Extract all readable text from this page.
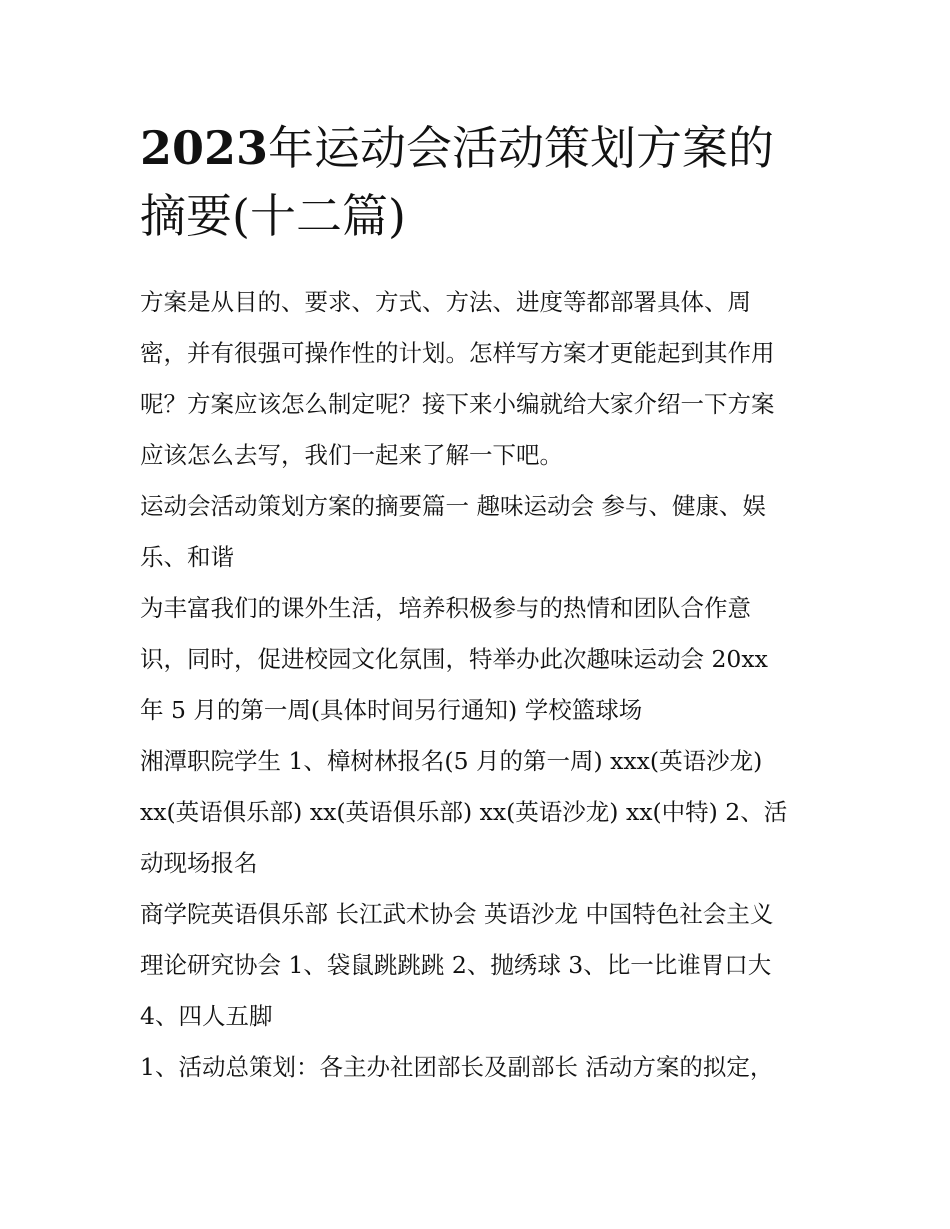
2023年运动会活动策划方案的
摘要(十二篇)
方案是从目的、要求、方式、方法、进度等都部署具体、周
密，并有很强可操作性的计划。怎样写方案才更能起到其作用
呢？方案应该怎么制定呢？接下来小编就给大家介绍一下方案
应该怎么去写，我们一起来了解一下吧。
运动会活动策划方案的摘要篇一 趣味运动会 参与、健康、娱
乐、和谐
为丰富我们的课外生活，培养积极参与的热情和团队合作意
识，同时，促进校园文化氛围，特举办此次趣味运动会 20xx
年 5 月的第一周(具体时间另行通知) 学校篮球场
湘潭职院学生 1、樟树林报名(5 月的第一周) xxx(英语沙龙)
xx(英语俱乐部) xx(英语俱乐部) xx(英语沙龙) xx(中特) 2、活
动现场报名
商学院英语俱乐部 长江武术协会 英语沙龙 中国特色社会主义
理论研究协会 1、袋鼠跳跳跳 2、抛绣球 3、比一比谁胃口大
4、四人五脚
1、活动总策划：各主办社团部长及副部长 活动方案的拟定，
